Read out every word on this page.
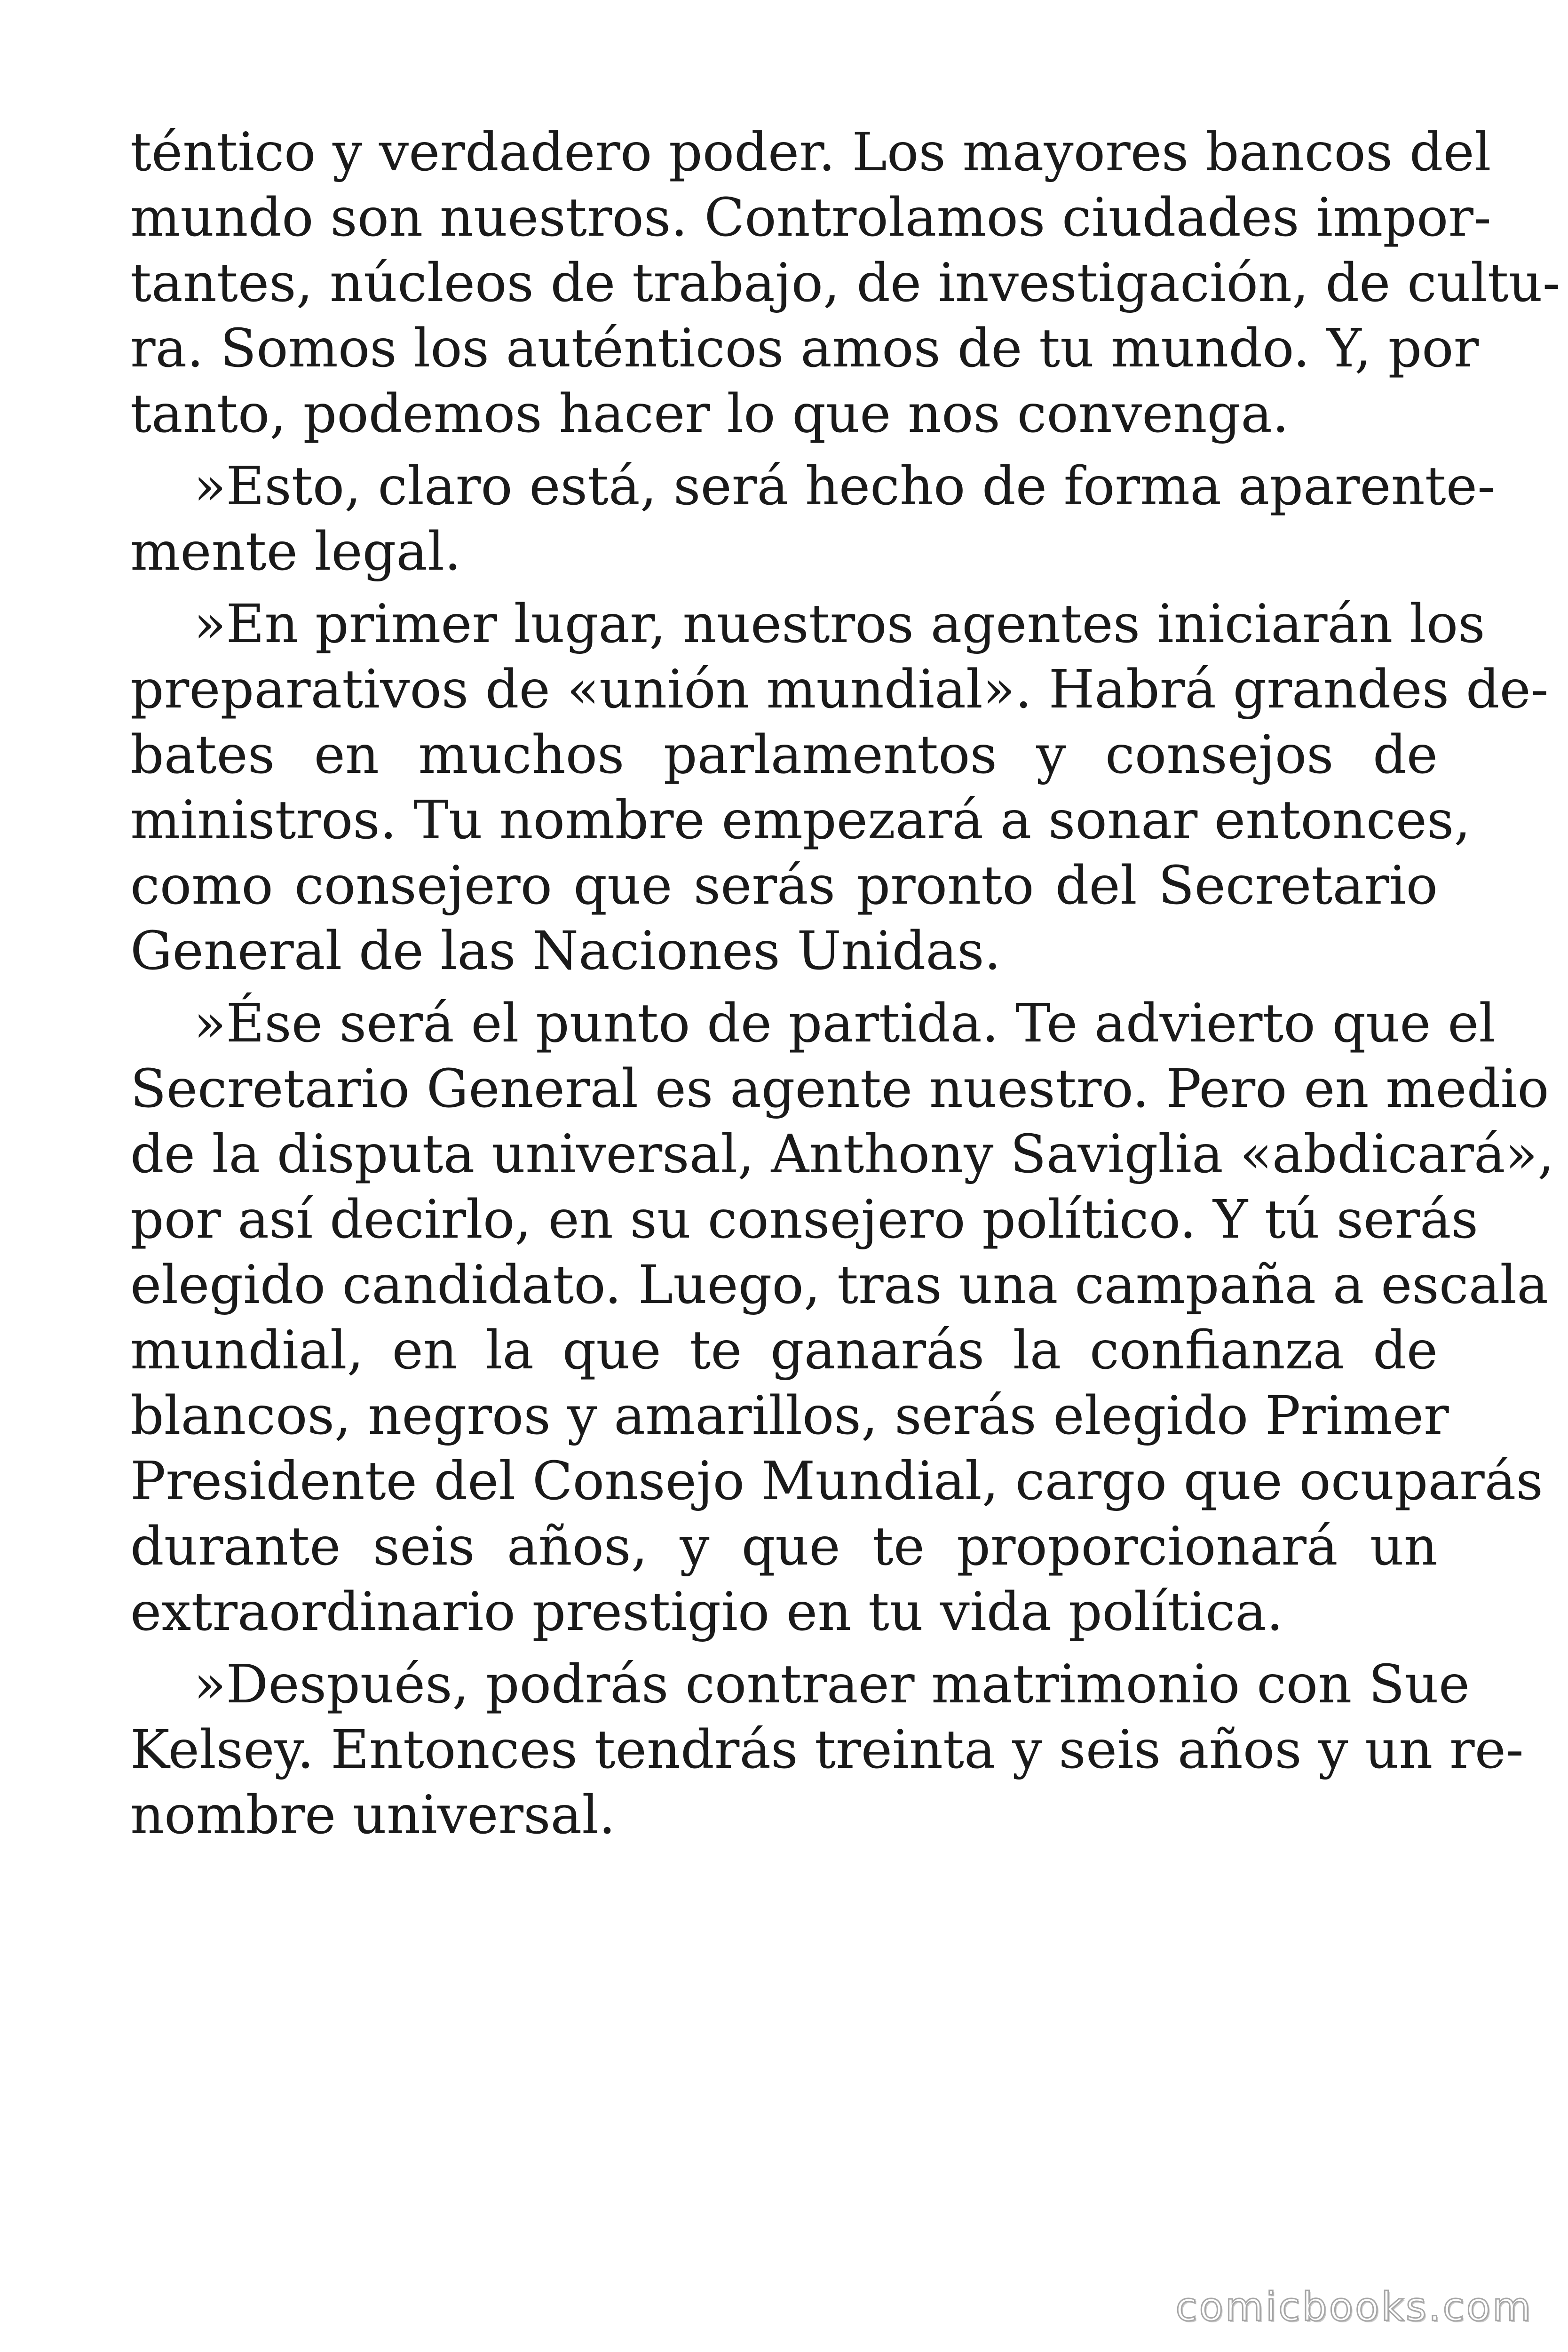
téntico y verdadero poder. Los mayores bancos del
mundo son nuestros. Controlamos ciudades impor-
tantes, núcleos de trabajo, de investigación, de cultu-
ra. Somos los auténticos amos de tu mundo. Y, por
tanto, podemos hacer lo que nos convenga.
»Esto, claro está, será hecho de forma aparente-
mente legal.
»En primer lugar, nuestros agentes iniciarán los
preparativos de «unión mundial». Habrá grandes de-
bates en muchos parlamentos y consejos de
ministros. Tu nombre empezará a sonar entonces,
como consejero que serás pronto del Secretario
General de las Naciones Unidas.
»Ése será el punto de partida. Te advierto que el
Secretario General es agente nuestro. Pero en medio
de la disputa universal, Anthony Saviglia «abdicará»,
por así decirlo, en su consejero político. Y tú serás
elegido candidato. Luego, tras una campaña a escala
mundial, en la que te ganarás la confianza de
blancos, negros y amarillos, serás elegido Primer
Presidente del Consejo Mundial, cargo que ocuparás
durante seis años, y que te proporcionará un
extraordinario prestigio en tu vida política.
»Después, podrás contraer matrimonio con Sue
Kelsey. Entonces tendrás treinta y seis años y un re-
nombre universal.
comicbooks.com
